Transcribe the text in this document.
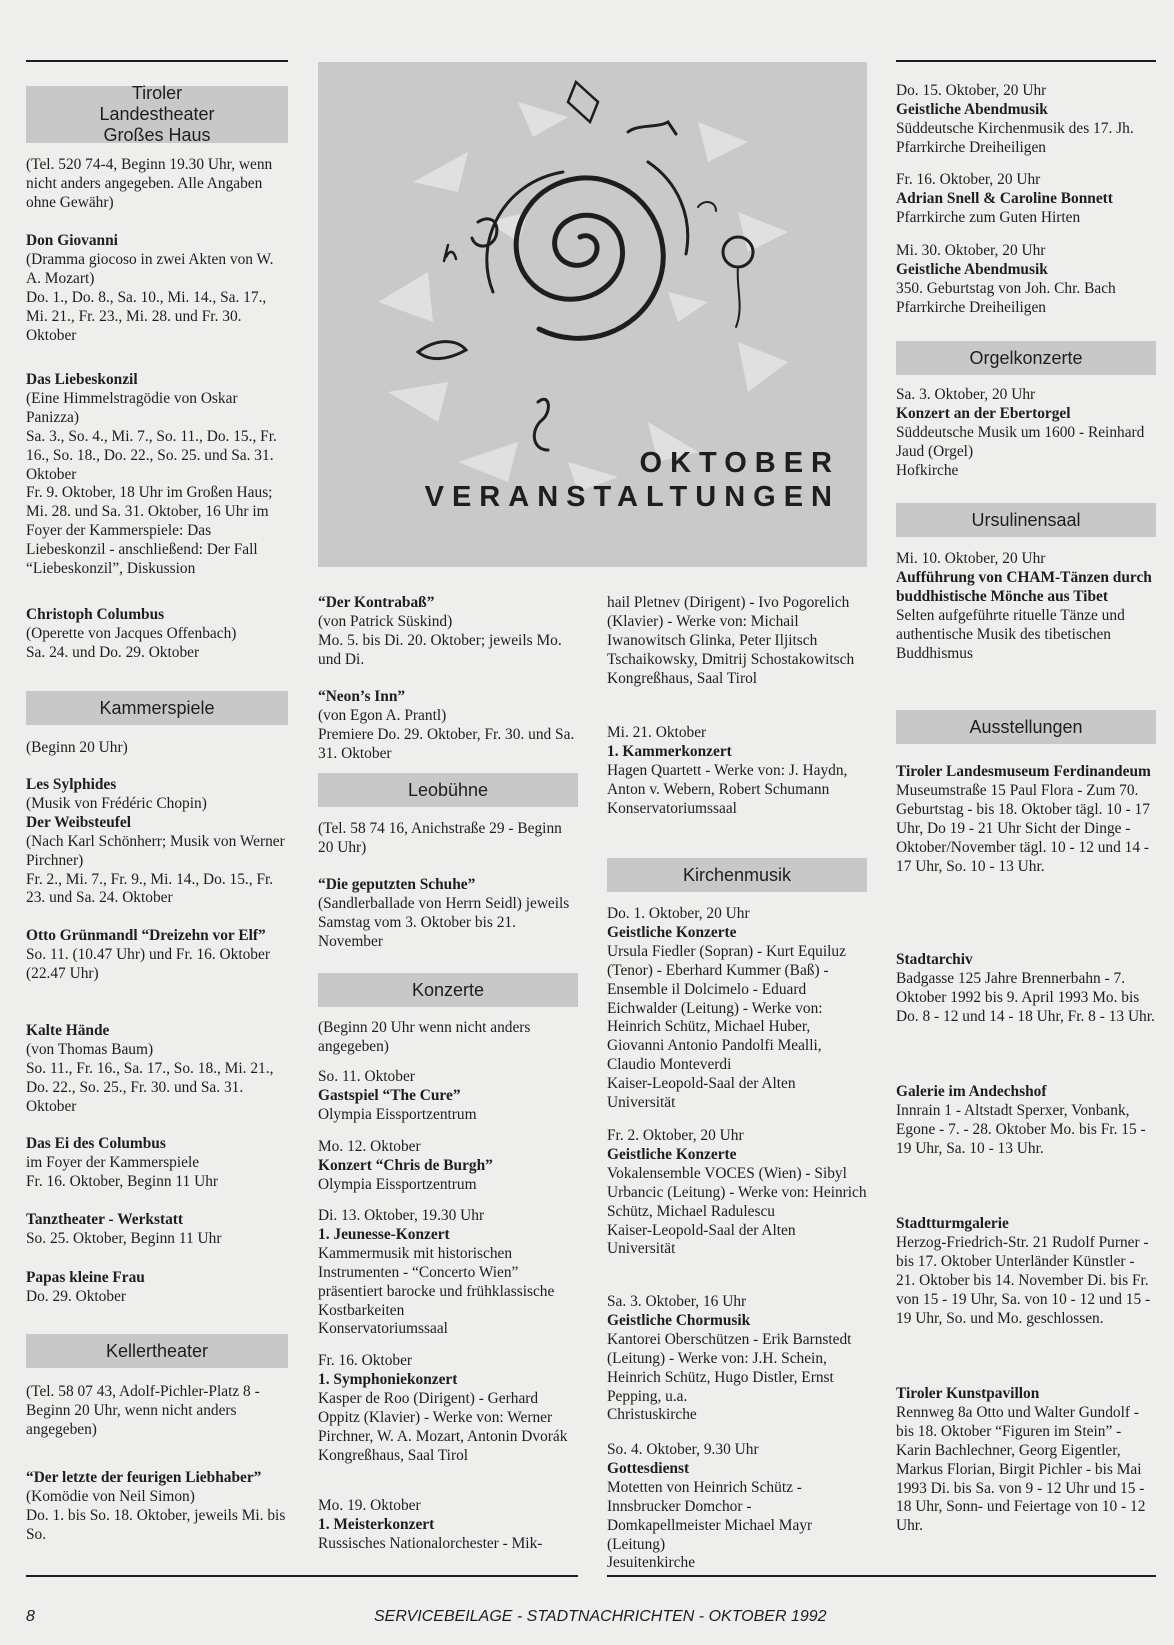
Tiroler Landestheater Großes Haus

(Tel. 520 74-4, Beginn 19.30 Uhr, wenn nicht anders angegeben. Alle Angaben ohne Gewähr)

Don Giovanni

(Dramma giocoso in zwei Akten von W. A. Mozart)

Do. 1., Do. 8., Sa. 10., Mi. 14., Sa. 17., Mi. 21., Fr. 23., Mi. 28. und Fr. 30. Oktober

Das Liebeskonzil

(Eine Himmelstragödie von Oskar Panizza)

Sa. 3., So. 4., Mi. 7., So. 11., Do. 15., Fr. 16., So. 18., Do. 22., So. 25. und Sa. 31. Oktober

Fr. 9. Oktober, 18 Uhr im Großen Haus; Mi. 28. und Sa. 31. Oktober, 16 Uhr im Foyer der Kammerspiele: Das Liebeskonzil - anschließend: Der Fall “Liebeskonzil”, Diskussion

Christoph Columbus

(Operette von Jacques Offenbach)

Sa. 24. und Do. 29. Oktober

Kammerspiele

(Beginn 20 Uhr)

Les Sylphides

(Musik von Frédéric Chopin)

Der Weibsteufel

(Nach Karl Schönherr; Musik von Werner Pirchner)

Fr. 2., Mi. 7., Fr. 9., Mi. 14., Do. 15., Fr. 23. und Sa. 24. Oktober

Otto Grünmandl “Dreizehn vor Elf”

So. 11. (10.47 Uhr) und Fr. 16. Oktober (22.47 Uhr)

Kalte Hände

(von Thomas Baum)

So. 11., Fr. 16., Sa. 17., So. 18., Mi. 21., Do. 22., So. 25., Fr. 30. und Sa. 31. Oktober

Das Ei des Columbus

im Foyer der Kammerspiele

Fr. 16. Oktober, Beginn 11 Uhr

Tanztheater - Werkstatt

So. 25. Oktober, Beginn 11 Uhr

Papas kleine Frau

Do. 29. Oktober

Kellertheater

(Tel. 58 07 43, Adolf-Pichler-Platz 8 - Beginn 20 Uhr, wenn nicht anders angegeben)

“Der letzte der feurigen Liebhaber”

(Komödie von Neil Simon)

Do. 1. bis So. 18. Oktober, jeweils Mi. bis So.

OKTOBER
VERANSTALTUNGEN

“Der Kontrabaß”

(von Patrick Süskind)

Mo. 5. bis Di. 20. Oktober; jeweils Mo. und Di.

“Neon’s Inn”

(von Egon A. Prantl)

Premiere Do. 29. Oktober, Fr. 30. und Sa. 31. Oktober

Leobühne

(Tel. 58 74 16, Anichstraße 29 - Beginn 20 Uhr)

“Die geputzten Schuhe”

(Sandlerballade von Herrn Seidl) jeweils Samstag vom 3. Oktober bis 21. November

Konzerte

(Beginn 20 Uhr wenn nicht anders angegeben)

So. 11. Oktober

Gastspiel “The Cure”

Olympia Eissportzentrum

Mo. 12. Oktober

Konzert “Chris de Burgh”

Olympia Eissportzentrum

Di. 13. Oktober, 19.30 Uhr

1. Jeunesse-Konzert

Kammermusik mit historischen Instrumenten - “Concerto Wien” präsentiert barocke und frühklassische Kostbarkeiten

Konservatoriumssaal

Fr. 16. Oktober

1. Symphoniekonzert

Kasper de Roo (Dirigent) - Gerhard Oppitz (Klavier) - Werke von: Werner Pirchner, W. A. Mozart, Antonin Dvorák

Kongreßhaus, Saal Tirol

Mo. 19. Oktober

1. Meisterkonzert

Russisches Nationalorchester - Mik-

hail Pletnev (Dirigent) - Ivo Pogorelich (Klavier) - Werke von: Michail Iwanowitsch Glinka, Peter Iljitsch Tschaikowsky, Dmitrij Schostakowitsch

Kongreßhaus, Saal Tirol

Mi. 21. Oktober

1. Kammerkonzert

Hagen Quartett - Werke von: J. Haydn, Anton v. Webern, Robert Schumann

Konservatoriumssaal

Kirchenmusik

Do. 1. Oktober, 20 Uhr

Geistliche Konzerte

Ursula Fiedler (Sopran) - Kurt Equiluz (Tenor) - Eberhard Kummer (Baß) - Ensemble il Dolcimelo - Eduard Eichwalder (Leitung) - Werke von: Heinrich Schütz, Michael Huber, Giovanni Antonio Pandolfi Mealli, Claudio Monteverdi

Kaiser-Leopold-Saal der Alten Universität

Fr. 2. Oktober, 20 Uhr

Geistliche Konzerte

Vokalensemble VOCES (Wien) - Sibyl Urbancic (Leitung) - Werke von: Heinrich Schütz, Michael Radulescu

Kaiser-Leopold-Saal der Alten Universität

Sa. 3. Oktober, 16 Uhr

Geistliche Chormusik

Kantorei Oberschützen - Erik Barnstedt (Leitung) - Werke von: J.H. Schein, Heinrich Schütz, Hugo Distler, Ernst Pepping, u.a.

Christuskirche

So. 4. Oktober, 9.30 Uhr

Gottesdienst

Motetten von Heinrich Schütz - Innsbrucker Domchor - Domkapellmeister Michael Mayr (Leitung)

Jesuitenkirche

Do. 15. Oktober, 20 Uhr

Geistliche Abendmusik

Süddeutsche Kirchenmusik des 17. Jh. Pfarrkirche Dreiheiligen

Fr. 16. Oktober, 20 Uhr

Adrian Snell & Caroline Bonnett

Pfarrkirche zum Guten Hirten

Mi. 30. Oktober, 20 Uhr

Geistliche Abendmusik

350. Geburtstag von Joh. Chr. Bach Pfarrkirche Dreiheiligen

Orgelkonzerte

Sa. 3. Oktober, 20 Uhr

Konzert an der Ebertorgel

Süddeutsche Musik um 1600 - Reinhard Jaud (Orgel)

Hofkirche

Ursulinensaal

Mi. 10. Oktober, 20 Uhr

Aufführung von CHAM-Tänzen durch buddhistische Mönche aus Tibet

Selten aufgeführte rituelle Tänze und authentische Musik des tibetischen Buddhismus

Ausstellungen

Tiroler Landesmuseum Ferdinandeum

Museumstraße 15 Paul Flora - Zum 70. Geburtstag - bis 18. Oktober tägl. 10 - 17 Uhr, Do 19 - 21 Uhr Sicht der Dinge - Oktober/November tägl. 10 - 12 und 14 - 17 Uhr, So. 10 - 13 Uhr.

Stadtarchiv

Badgasse 125 Jahre Brennerbahn - 7. Oktober 1992 bis 9. April 1993 Mo. bis Do. 8 - 12 und 14 - 18 Uhr, Fr. 8 - 13 Uhr.

Galerie im Andechshof

Innrain 1 - Altstadt Sperxer, Vonbank, Egone - 7. - 28. Oktober Mo. bis Fr. 15 - 19 Uhr, Sa. 10 - 13 Uhr.

Stadtturmgalerie

Herzog-Friedrich-Str. 21 Rudolf Purner - bis 17. Oktober Unterländer Künstler - 21. Oktober bis 14. November Di. bis Fr. von 15 - 19 Uhr, Sa. von 10 - 12 und 15 - 19 Uhr, So. und Mo. geschlossen.

Tiroler Kunstpavillon

Rennweg 8a Otto und Walter Gundolf - bis 18. Oktober “Figuren im Stein” - Karin Bachlechner, Georg Eigentler, Markus Florian, Birgit Pichler - bis Mai 1993 Di. bis Sa. von 9 - 12 Uhr und 15 - 18 Uhr, Sonn- und Feiertage von 10 - 12 Uhr.

8	SERVICEBEILAGE - STADTNACHRICHTEN - OKTOBER 1992
